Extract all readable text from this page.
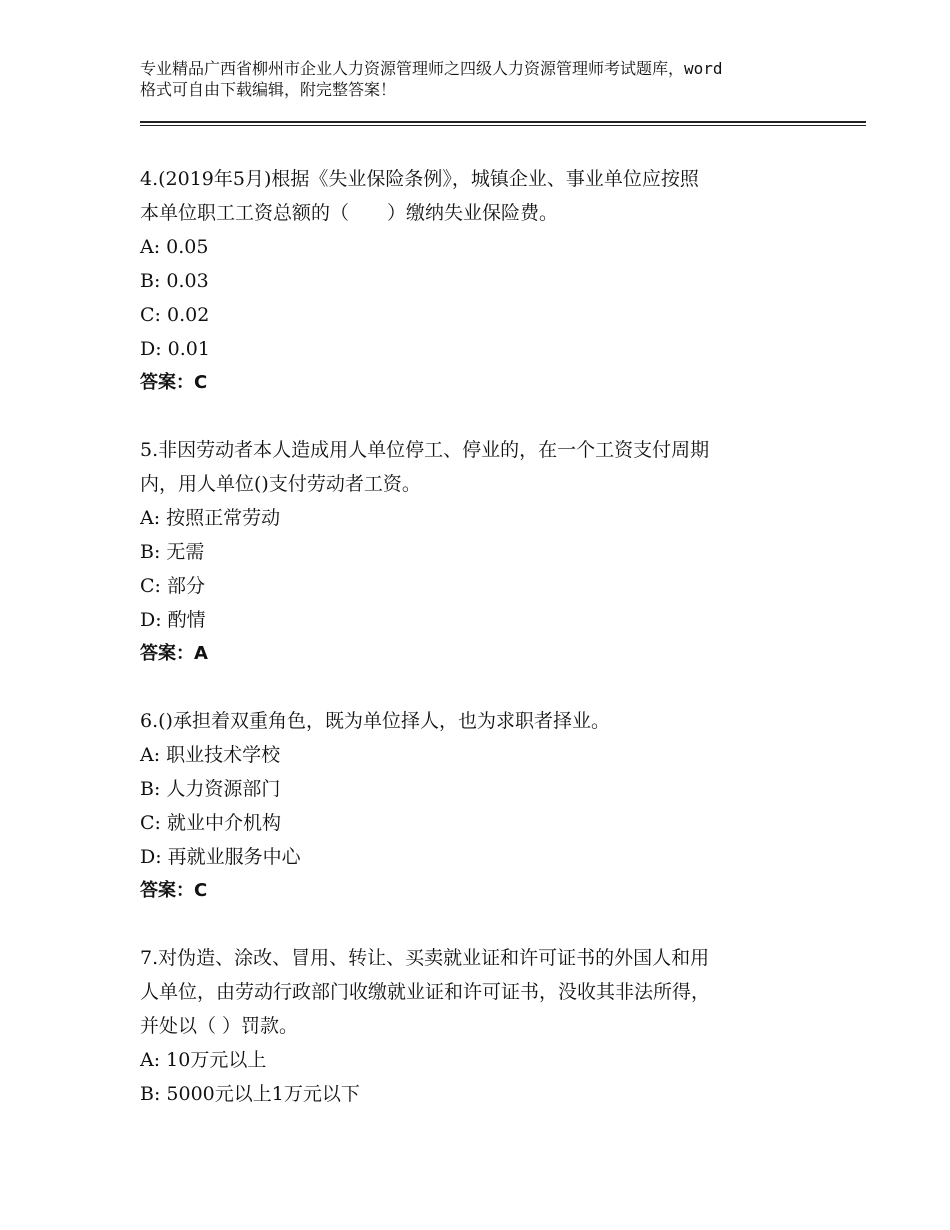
专业精品广西省柳州市企业人力资源管理师之四级人力资源管理师考试题库，word
格式可自由下载编辑，附完整答案！
4.(2019年5月)根据《失业保险条例》，城镇企业、事业单位应按照
本单位职工工资总额的（　　）缴纳失业保险费。
A: 0.05
B: 0.03
C: 0.02
D: 0.01
答案：C
5.非因劳动者本人造成用人单位停工、停业的，在一个工资支付周期
内，用人单位()支付劳动者工资。
A: 按照正常劳动
B: 无需
C: 部分
D: 酌情
答案：A
6.()承担着双重角色，既为单位择人，也为求职者择业。
A: 职业技术学校
B: 人力资源部门
C: 就业中介机构
D: 再就业服务中心
答案：C
7.对伪造、涂改、冒用、转让、买卖就业证和许可证书的外国人和用
人单位，由劳动行政部门收缴就业证和许可证书，没收其非法所得，
并处以（ ）罚款。
A: 10万元以上
B: 5000元以上1万元以下
